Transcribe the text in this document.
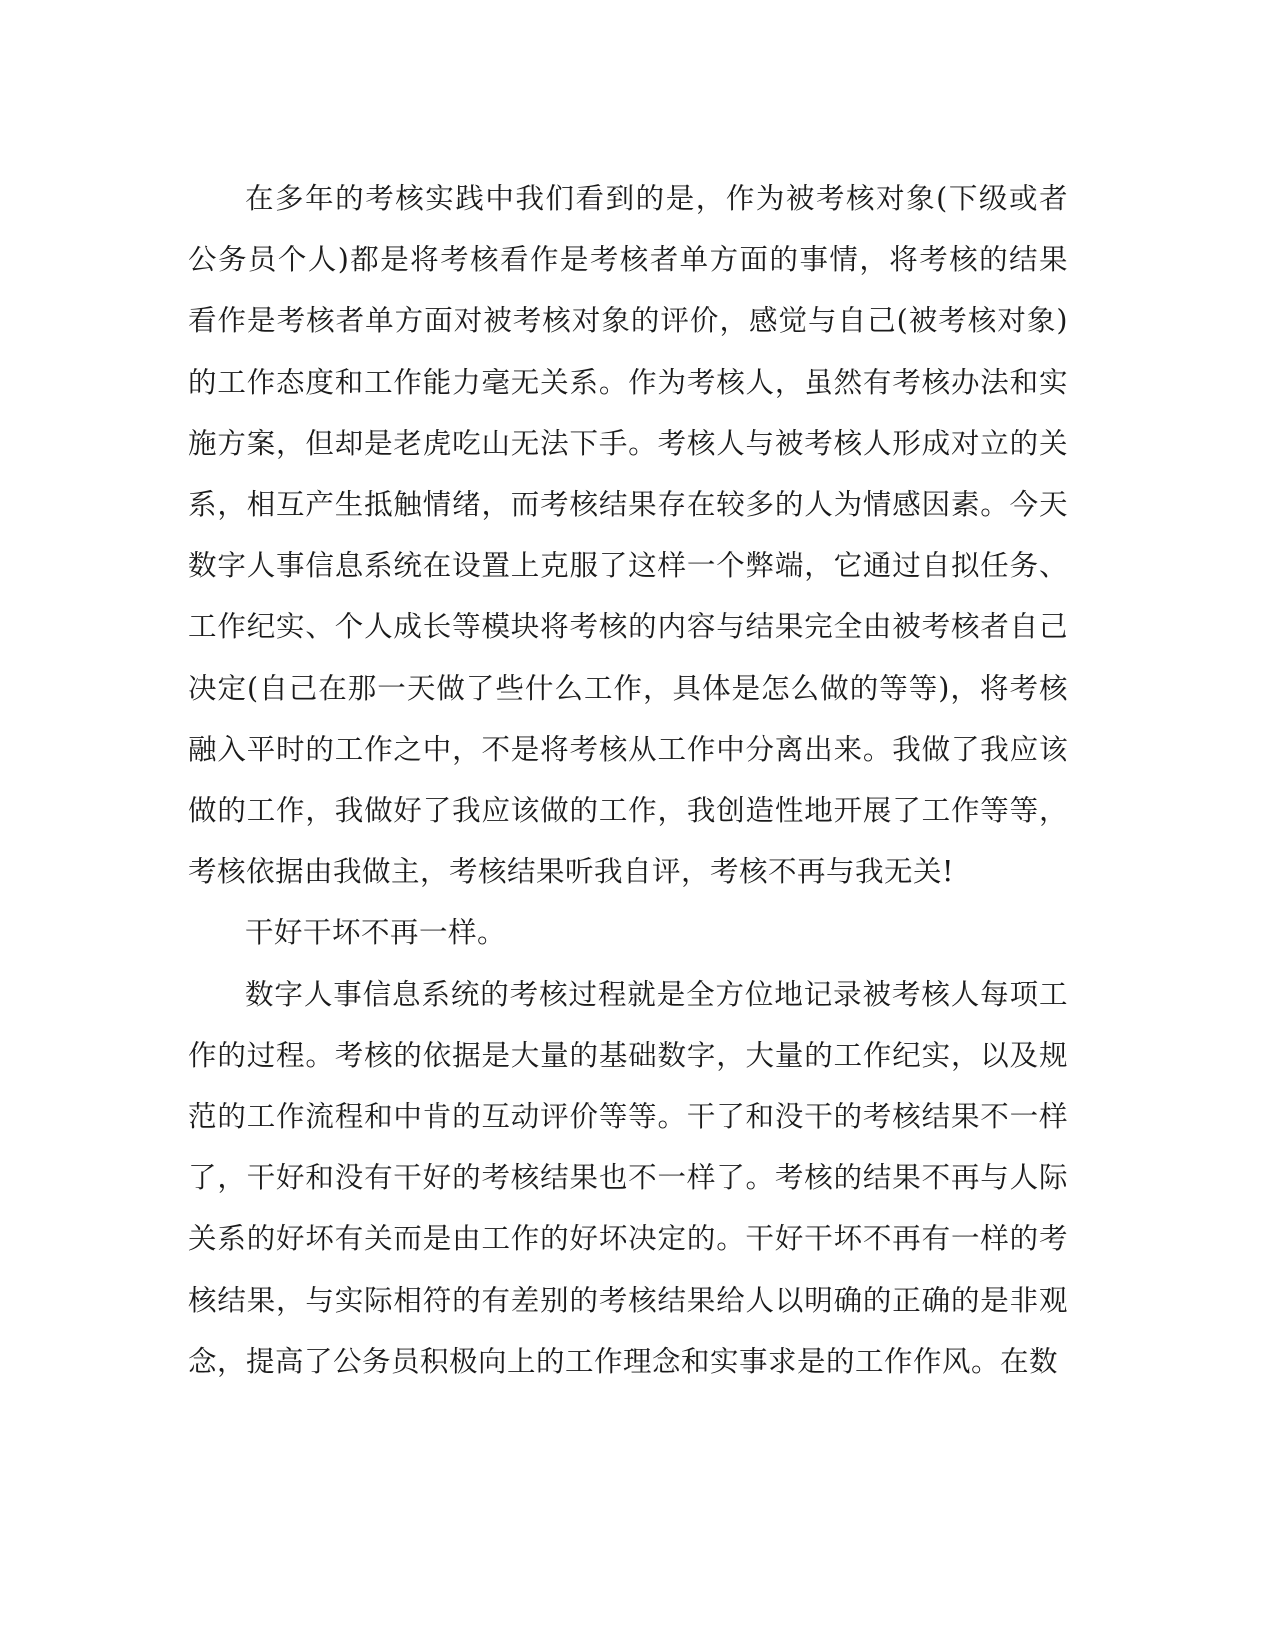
在多年的考核实践中我们看到的是，作为被考核对象(下级或者公务员个人)都是将考核看作是考核者单方面的事情，将考核的结果看作是考核者单方面对被考核对象的评价，感觉与自己(被考核对象)的工作态度和工作能力毫无关系。作为考核人，虽然有考核办法和实施方案，但却是老虎吃山无法下手。考核人与被考核人形成对立的关系，相互产生抵触情绪，而考核结果存在较多的人为情感因素。今天数字人事信息系统在设置上克服了这样一个弊端，它通过自拟任务、工作纪实、个人成长等模块将考核的内容与结果完全由被考核者自己决定(自己在那一天做了些什么工作，具体是怎么做的等等)，将考核融入平时的工作之中，不是将考核从工作中分离出来。我做了我应该做的工作，我做好了我应该做的工作，我创造性地开展了工作等等，考核依据由我做主，考核结果听我自评，考核不再与我无关!

干好干坏不再一样。

数字人事信息系统的考核过程就是全方位地记录被考核人每项工作的过程。考核的依据是大量的基础数字，大量的工作纪实，以及规范的工作流程和中肯的互动评价等等。干了和没干的考核结果不一样了，干好和没有干好的考核结果也不一样了。考核的结果不再与人际关系的好坏有关而是由工作的好坏决定的。干好干坏不再有一样的考核结果，与实际相符的有差别的考核结果给人以明确的正确的是非观念，提高了公务员积极向上的工作理念和实事求是的工作作风。在数
